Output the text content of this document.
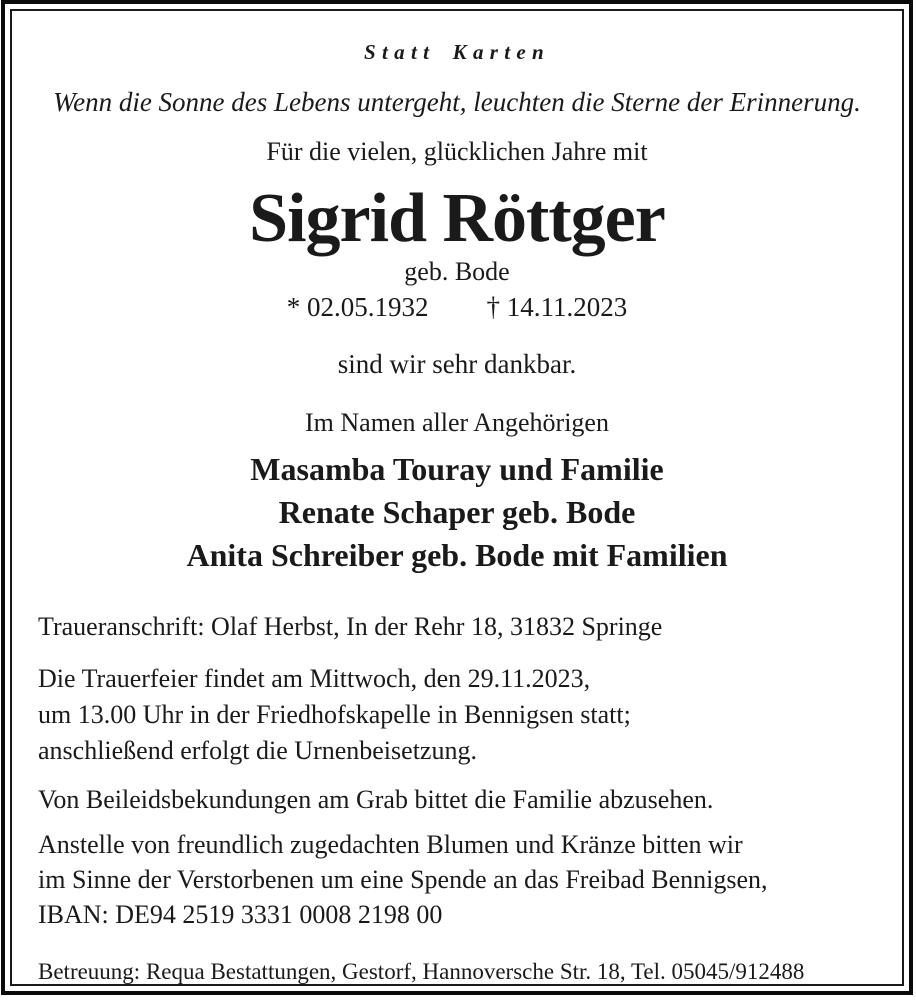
Statt Karten
Wenn die Sonne des Lebens untergeht, leuchten die Sterne der Erinnerung.
Für die vielen, glücklichen Jahre mit
Sigrid Röttger
geb. Bode
* 02.05.1932 † 14.11.2023
sind wir sehr dankbar.
Im Namen aller Angehörigen
Masamba Touray und Familie
Renate Schaper geb. Bode
Anita Schreiber geb. Bode mit Familien
Traueranschrift: Olaf Herbst, In der Rehr 18, 31832 Springe
Die Trauerfeier findet am Mittwoch, den 29.11.2023,
um 13.00 Uhr in der Friedhofskapelle in Bennigsen statt;
anschließend erfolgt die Urnenbeisetzung.
Von Beileidsbekundungen am Grab bittet die Familie abzusehen.
Anstelle von freundlich zugedachten Blumen und Kränze bitten wir
im Sinne der Verstorbenen um eine Spende an das Freibad Bennigsen,
IBAN: DE94 2519 3331 0008 2198 00
Betreuung: Requa Bestattungen, Gestorf, Hannoversche Str. 18, Tel. 05045/912488
